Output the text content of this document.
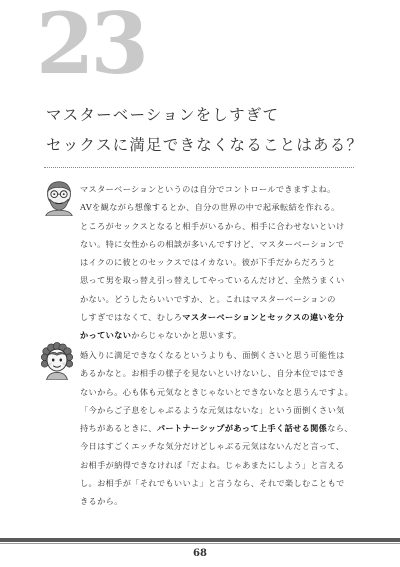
23
マスターベーションをしすぎて
セックスに満足できなくなることはある？
マスターベーションというのは自分でコントロールできますよね。
AVを観ながら想像するとか、自分の世界の中で起承転結を作れる。
ところがセックスとなると相手がいるから、相手に合わせないといけ
ない。特に女性からの相談が多いんですけど、マスターベーションで
はイクのに彼とのセックスではイカない。彼が下手だからだろうと
思って男を取っ替え引っ替えしてやっているんだけど、全然うまくい
かない。どうしたらいいですか、と。これはマスターベーションの
しすぎではなくて、むしろマスターベーションとセックスの違いを分
かっていないからじゃないかと思います。
婚入りに満足できなくなるというよりも、面倒くさいと思う可能性は
あるかなと。お相手の様子を見ないといけないし、自分本位ではでき
ないから。心も体も元気なときじゃないとできないなと思うんですよ。
「今からご子息をしゃぶるような元気はないな」という面倒くさい気
持ちがあるときに、パートナーシップがあって上手く話せる関係なら、
今日はすごくエッチな気分だけどしゃぶる元気はないんだと言って、
お相手が納得できなければ「だよね。じゃあまたにしよう」と言える
し。お相手が「それでもいいよ」と言うなら、それで楽しむこともで
きるから。
68
